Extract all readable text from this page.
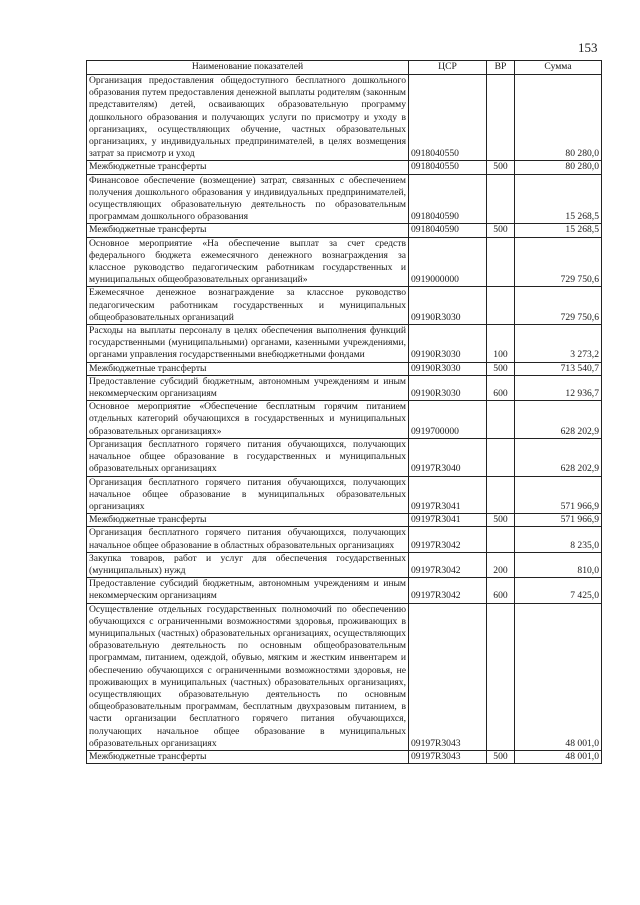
153
Наименование показателей	ЦСР	ВР	Сумма
Организация предоставления общедоступного бесплатного дошкольного образования путем предоставления денежной выплаты родителям (законным представителям) детей, осваивающих образовательную программу дошкольного образования и получающих услуги по присмотру и уходу в организациях, осуществляющих обучение, частных образовательных организациях, у индивидуальных предпринимателей, в целях возмещения затрат за присмотр и уход	0918040550		80 280,0
Межбюджетные трансферты	0918040550	500	80 280,0
Финансовое обеспечение (возмещение) затрат, связанных с обеспечением получения дошкольного образования у индивидуальных предпринимателей, осуществляющих образовательную деятельность по образовательным программам дошкольного образования	0918040590		15 268,5
Межбюджетные трансферты	0918040590	500	15 268,5
Основное мероприятие «На обеспечение выплат за счет средств федерального бюджета ежемесячного денежного вознаграждения за классное руководство педагогическим работникам государственных и муниципальных общеобразовательных организаций»	0919000000		729 750,6
Ежемесячное денежное вознаграждение за классное руководство педагогическим работникам государственных и муниципальных общеобразовательных организаций	09190R3030		729 750,6
Расходы на выплаты персоналу в целях обеспечения выполнения функций государственными (муниципальными) органами, казенными учреждениями, органами управления государственными внебюджетными фондами	09190R3030	100	3 273,2
Межбюджетные трансферты	09190R3030	500	713 540,7
Предоставление субсидий бюджетным, автономным учреждениям и иным некоммерческим организациям	09190R3030	600	12 936,7
Основное мероприятие «Обеспечение бесплатным горячим питанием отдельных категорий обучающихся в государственных и муниципальных образовательных организациях»	0919700000		628 202,9
Организация бесплатного горячего питания обучающихся, получающих начальное общее образование в государственных и муниципальных образовательных организациях	09197R3040		628 202,9
Организация бесплатного горячего питания обучающихся, получающих начальное общее образование в муниципальных образовательных организациях	09197R3041		571 966,9
Межбюджетные трансферты	09197R3041	500	571 966,9
Организация бесплатного горячего питания обучающихся, получающих начальное общее образование в областных образовательных организациях	09197R3042		8 235,0
Закупка товаров, работ и услуг для обеспечения государственных (муниципальных) нужд	09197R3042	200	810,0
Предоставление субсидий бюджетным, автономным учреждениям и иным некоммерческим организациям	09197R3042	600	7 425,0
Осуществление отдельных государственных полномочий по обеспечению обучающихся с ограниченными возможностями здоровья, проживающих в муниципальных (частных) образовательных организациях, осуществляющих образовательную деятельность по основным общеобразовательным программам, питанием, одеждой, обувью, мягким и жестким инвентарем и обеспечению обучающихся с ограниченными возможностями здоровья, не проживающих в муниципальных (частных) образовательных организациях, осуществляющих образовательную деятельность по основным общеобразовательным программам, бесплатным двухразовым питанием, в части организации бесплатного горячего питания обучающихся, получающих начальное общее образование в муниципальных образовательных организациях	09197R3043		48 001,0
Межбюджетные трансферты	09197R3043	500	48 001,0
